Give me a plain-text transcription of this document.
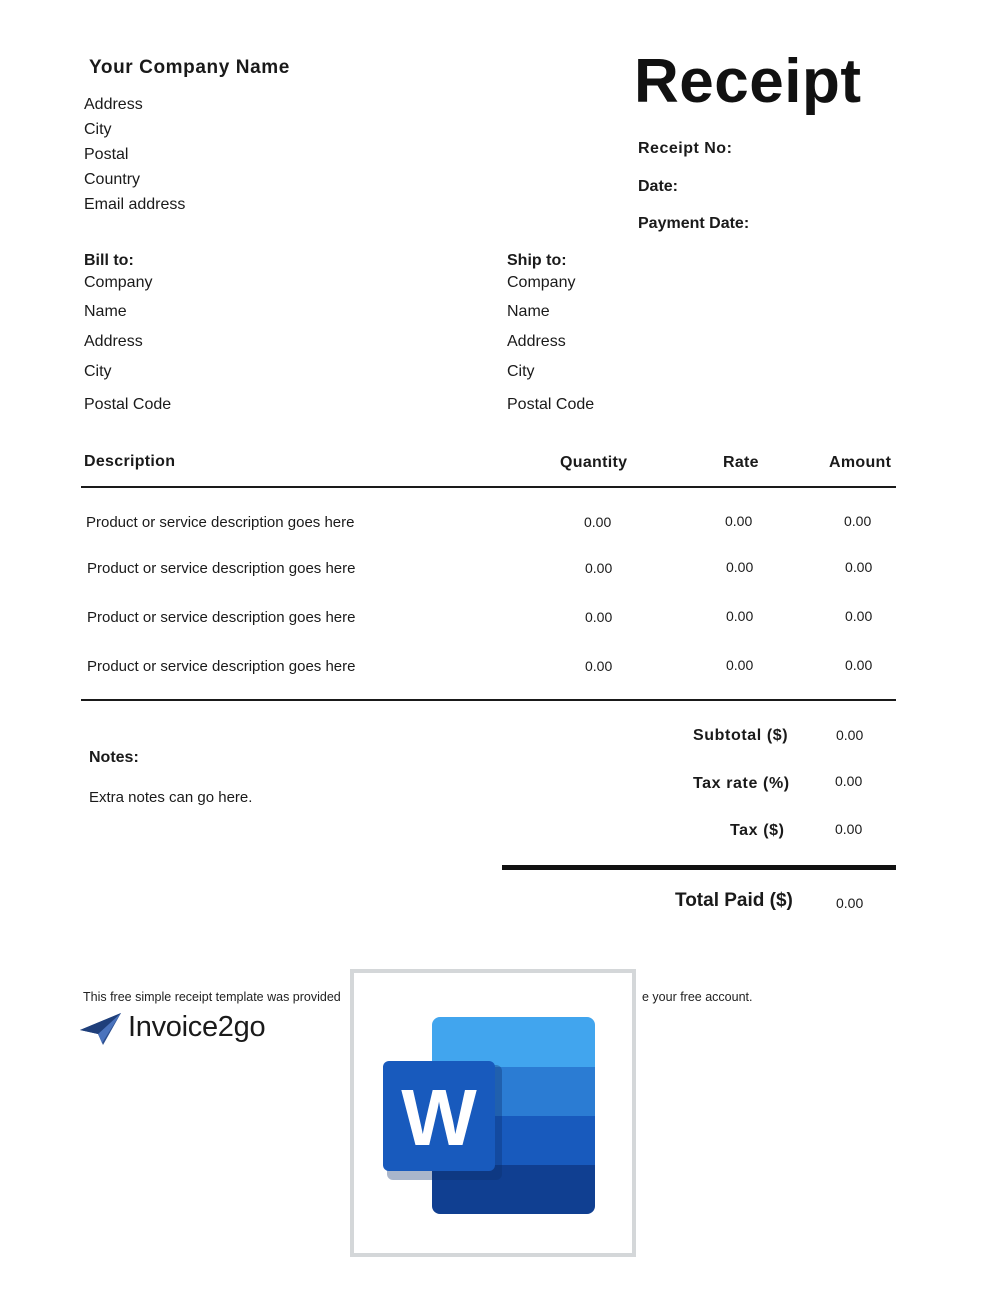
Your Company Name
Address
City
Postal
Country
Email address
Receipt
Receipt No:
Date:
Payment Date:
Bill to:
Company
Name
Address
City
Postal Code
Ship to:
Company
Name
Address
City
Postal Code
Description	Quantity	Rate	Amount
Product or service description goes here	0.00	0.00	0.00
Product or service description goes here	0.00	0.00	0.00
Product or service description goes here	0.00	0.00	0.00
Product or service description goes here	0.00	0.00	0.00
Notes:
Extra notes can go here.
Subtotal ($)	0.00
Tax rate (%)	0.00
Tax ($)	0.00
Total Paid ($)	0.00
This free simple receipt template was provided	e your free account.
Invoice2go
W
